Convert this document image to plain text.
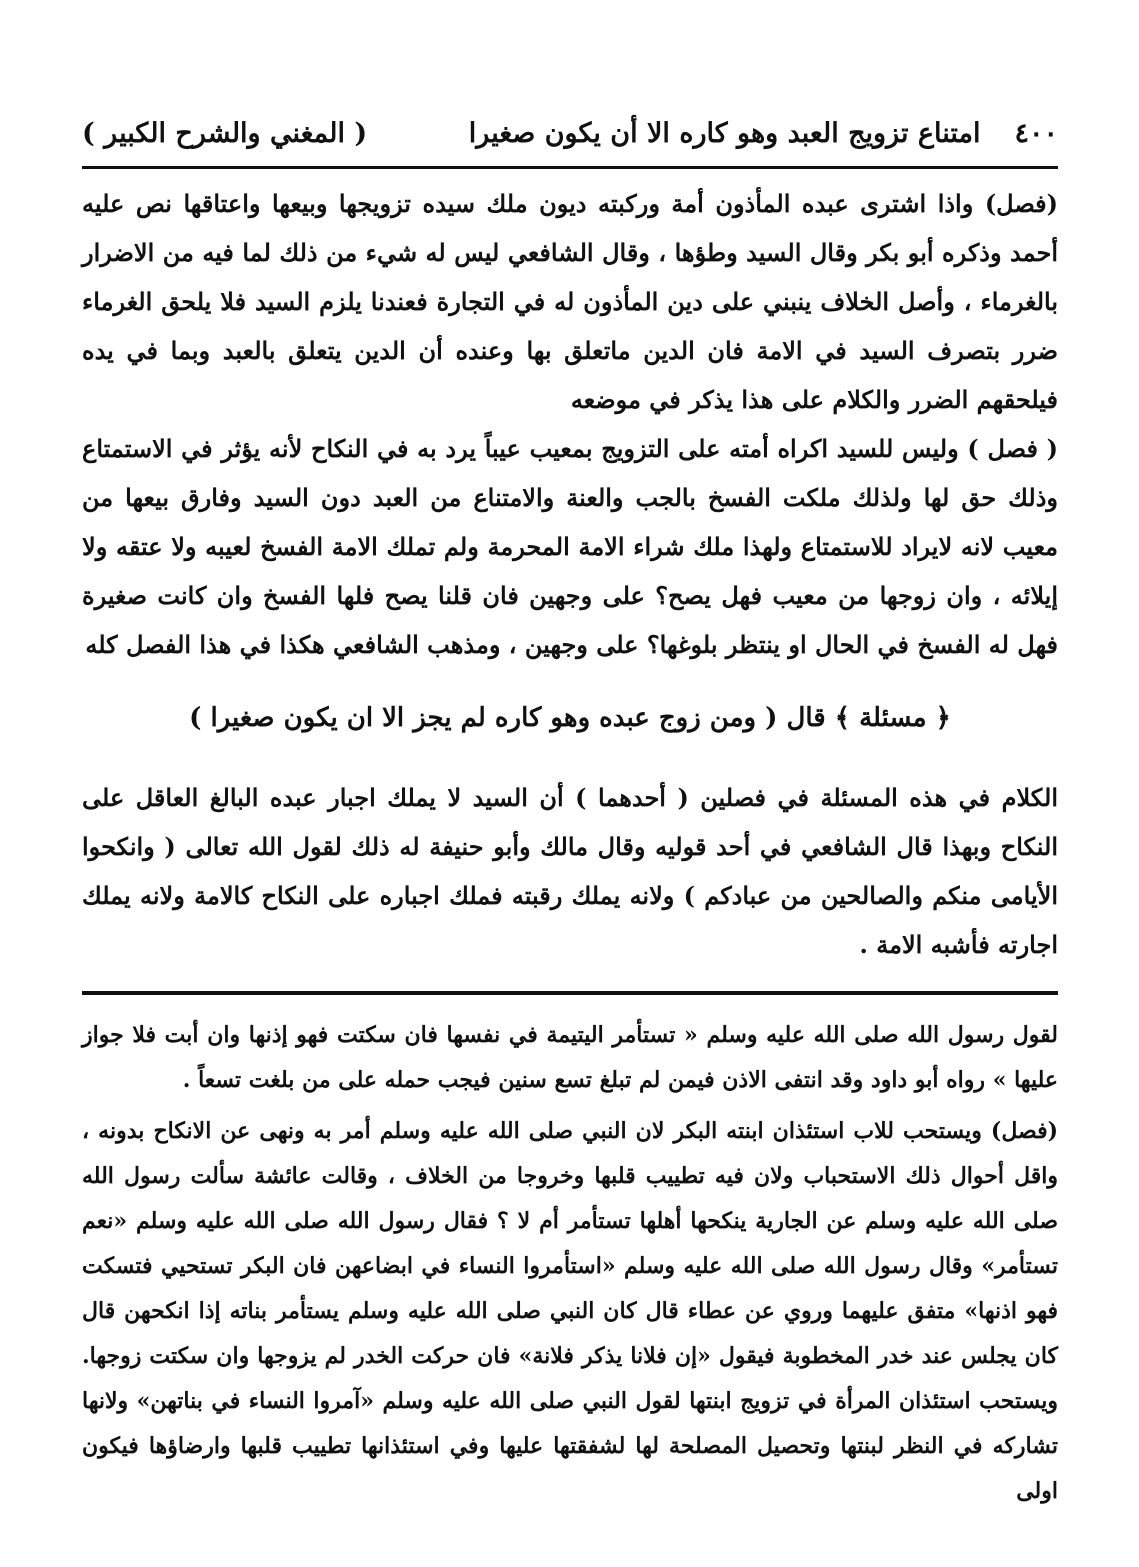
٤٠٠
امتناع تزويج العبد وهو كاره الا أن يكون صغيرا
( المغني والشرح الكبير )

(فصل) واذا اشترى عبده المأذون أمة وركبته ديون ملك سيده تزويجها وبيعها واعتاقها نص عليه أحمد وذكره أبو بكر وقال السيد وطؤها ، وقال الشافعي ليس له شيء من ذلك لما فيه من الاضرار بالغرماء ، وأصل الخلاف ينبني على دين المأذون له في التجارة فعندنا يلزم السيد فلا يلحق الغرماء ضرر بتصرف السيد في الامة فان الدين ماتعلق بها وعنده أن الدين يتعلق بالعبد وبما في يده فيلحقهم الضرر والكلام على هذا يذكر في موضعه

( فصل ) وليس للسيد اكراه أمته على التزويج بمعيب عيباً يرد به في النكاح لأنه يؤثر في الاستمتاع وذلك حق لها ولذلك ملكت الفسخ بالجب والعنة والامتناع من العبد دون السيد وفارق بيعها من معيب لانه لايراد للاستمتاع ولهذا ملك شراء الامة المحرمة ولم تملك الامة الفسخ لعيبه ولا عتقه ولا إيلائه ، وان زوجها من معيب فهل يصح؟ على وجهين فان قلنا يصح فلها الفسخ وان كانت صغيرة فهل له الفسخ في الحال او ينتظر بلوغها؟ على وجهين ، ومذهب الشافعي هكذا في هذا الفصل كله

﴿ مسئلة ﴾ قال ( ومن زوج عبده وهو كاره لم يجز الا ان يكون صغيرا )

الكلام في هذه المسئلة في فصلين ( أحدهما ) أن السيد لا يملك اجبار عبده البالغ العاقل على النكاح وبهذا قال الشافعي في أحد قوليه وقال مالك وأبو حنيفة له ذلك لقول الله تعالى ( وانكحوا الأيامى منكم والصالحين من عبادكم ) ولانه يملك رقبته فملك اجباره على النكاح كالامة ولانه يملك اجارته فأشبه الامة .

لقول رسول الله صلى الله عليه وسلم « تستأمر اليتيمة في نفسها فان سكتت فهو إذنها وان أبت فلا جواز عليها » رواه أبو داود وقد انتفى الاذن فيمن لم تبلغ تسع سنين فيجب حمله على من بلغت تسعاً .

(فصل) ويستحب للاب استئذان ابنته البكر لان النبي صلى الله عليه وسلم أمر به ونهى عن الانكاح بدونه ، واقل أحوال ذلك الاستحباب ولان فيه تطييب قلبها وخروجا من الخلاف ، وقالت عائشة سألت رسول الله صلى الله عليه وسلم عن الجارية ينكحها أهلها تستأمر أم لا ؟ فقال رسول الله صلى الله عليه وسلم «نعم تستأمر» وقال رسول الله صلى الله عليه وسلم «استأمروا النساء في ابضاعهن فان البكر تستحيي فتسكت فهو اذنها» متفق عليهما وروي عن عطاء قال كان النبي صلى الله عليه وسلم يستأمر بناته إذا انكحهن قال كان يجلس عند خدر المخطوبة فيقول «إن فلانا يذكر فلانة» فان حركت الخدر لم يزوجها وان سكتت زوجها. ويستحب استئذان المرأة في تزويج ابنتها لقول النبي صلى الله عليه وسلم «آمروا النساء في بناتهن» ولانها تشاركه في النظر لبنتها وتحصيل المصلحة لها لشفقتها عليها وفي استئذانها تطييب قلبها وارضاؤها فيكون اولى
